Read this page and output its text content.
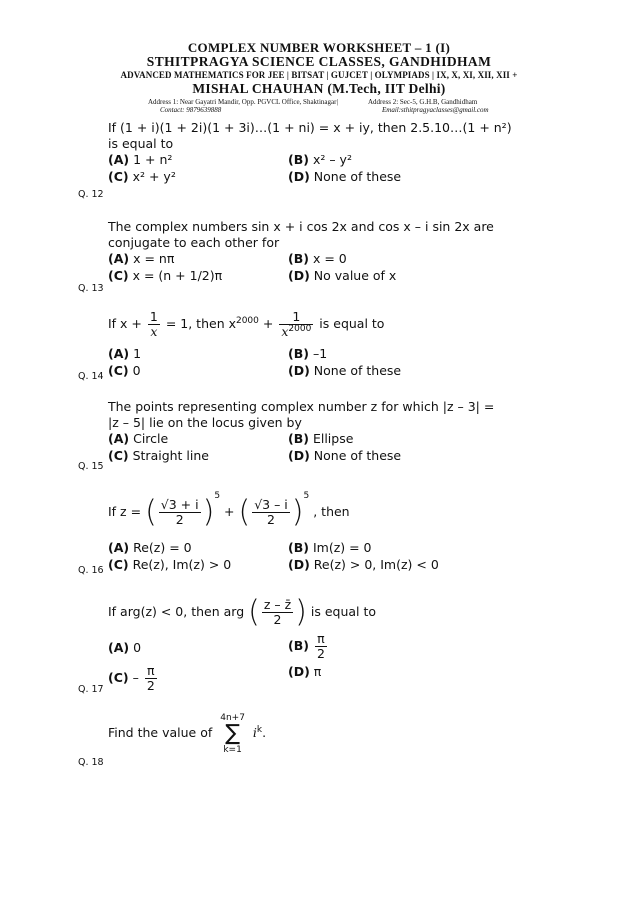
COMPLEX NUMBER WORKSHEET – 1 (I)
STHITPRAGYA SCIENCE CLASSES, GANDHIDHAM
ADVANCED MATHEMATICS FOR JEE | BITSAT | GUJCET | OLYMPIADS | IX, X, XI, XII, XII +
MISHAL CHAUHAN (M.Tech, IIT Delhi)
Address 1: Near Gayatri Mandir, Opp. PGVCL Office, Shaktinagar|	Address 2: Sec-5, G.H.B, Gandhidham
Contact: 9879639888	Email:sthitpragyaclasses@gmail.com
If (1 + i)(1 + 2i)(1 + 3i)…(1 + ni) = x + iy, then 2.5.10…(1 + n²)
is equal to
(A) 1 + n²	(B) x² – y²
(C) x² + y²	(D) None of these
Q. 12
The complex numbers sin x + i cos 2x and cos x – i sin 2x are
conjugate to each other for
(A) x = nπ	(B) x = 0
(C) x = (n + 1/2)π	(D) No value of x
Q. 13
If $x + \frac{1}{x} = 1$, then $x^{2000} + \frac{1}{x^{2000}}$ is equal to
(A) 1	(B) –1
(C) 0	(D) None of these
Q. 14
The points representing complex number z for which |z – 3| =
|z – 5| lie on the locus given by
(A) Circle	(B) Ellipse
(C) Straight line	(D) None of these
Q. 15
If z = ( $\frac{√3 + i}{2} )^5$ + ( $\frac{√3 - i}{2} )^5$ , then
(A) Re(z) = 0	(B) Im(z) = 0
(C) Re(z), Im(z) > 0	(D) Re(z) > 0, Im(z) < 0
Q. 16
If arg(z) < 0, then arg ( $\frac{z - z̄}{2}$ ) is equal to
(A) 0	$(B) \frac{\pi}{2}$
$(C) - \frac{\pi}{2}$	(D) π
Q. 17
Find the value of
4n+7
∑
k=1
$i^k$.
Q. 18
